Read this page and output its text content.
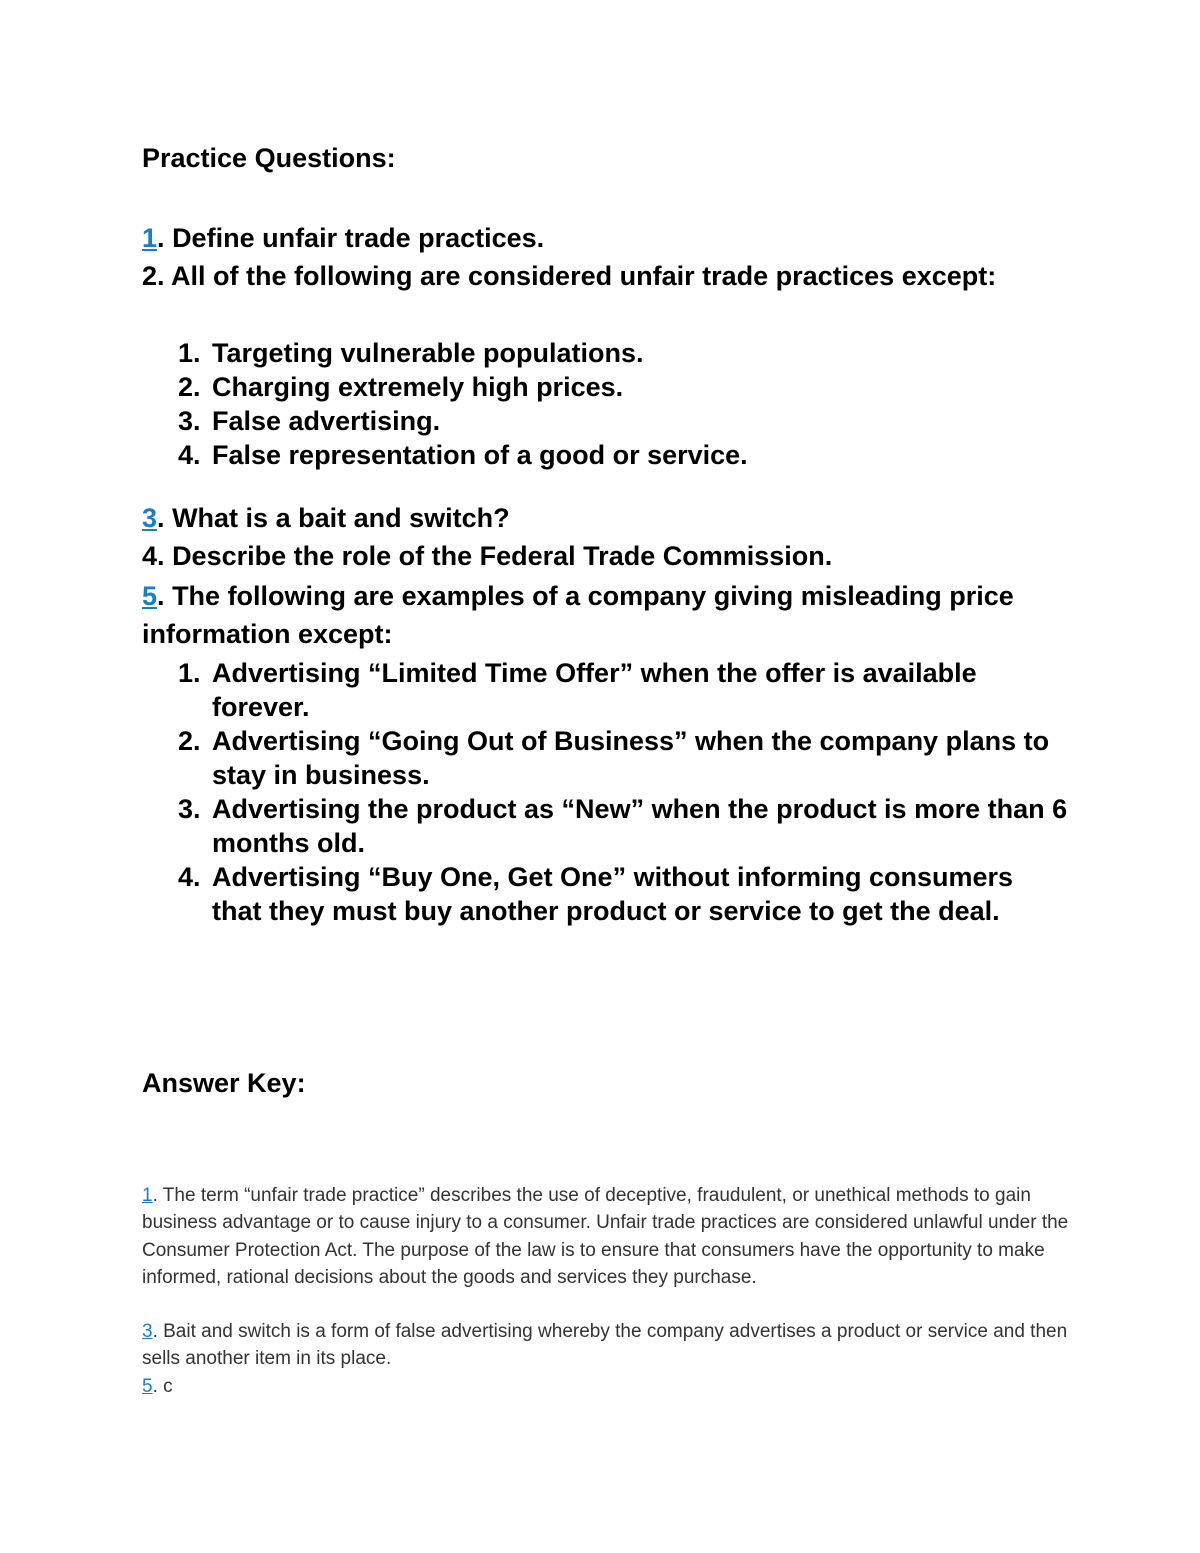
Practice Questions:
1. Define unfair trade practices.
2. All of the following are considered unfair trade practices except:
1. Targeting vulnerable populations.
2. Charging extremely high prices.
3. False advertising.
4. False representation of a good or service.
3. What is a bait and switch?
4. Describe the role of the Federal Trade Commission.
5. The following are examples of a company giving misleading price information except:
1. Advertising “Limited Time Offer” when the offer is available forever.
2. Advertising “Going Out of Business” when the company plans to stay in business.
3. Advertising the product as “New” when the product is more than 6 months old.
4. Advertising “Buy One, Get One” without informing consumers that they must buy another product or service to get the deal.
Answer Key:
1. The term “unfair trade practice” describes the use of deceptive, fraudulent, or unethical methods to gain business advantage or to cause injury to a consumer. Unfair trade practices are considered unlawful under the Consumer Protection Act. The purpose of the law is to ensure that consumers have the opportunity to make informed, rational decisions about the goods and services they purchase.
3. Bait and switch is a form of false advertising whereby the company advertises a product or service and then sells another item in its place.
5. c
